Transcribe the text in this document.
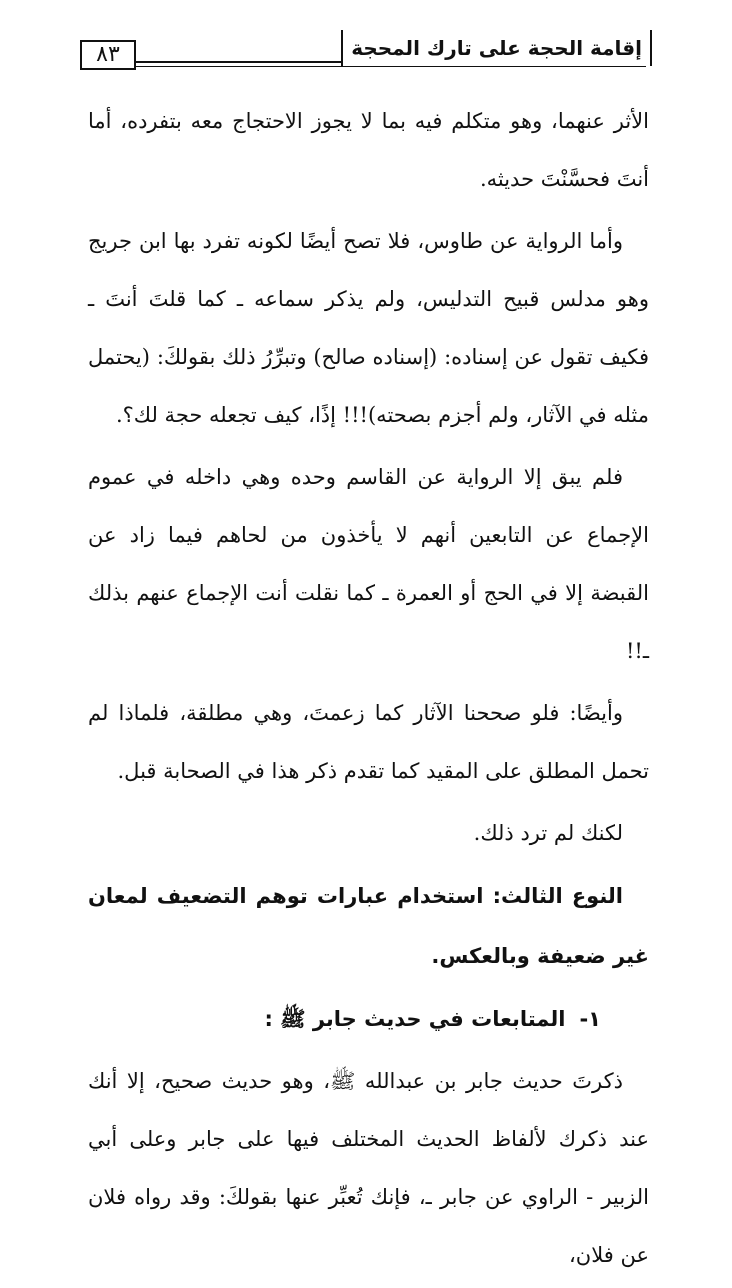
٨٣	إقامة الحجة على تارك المحجة

الأثر عنهما، وهو متكلم فيه بما لا يجوز الاحتجاج معه بتفرده، أما أنتَ فحسَّنْتَ حديثه.

وأما الرواية عن طاوس، فلا تصح أيضًا لكونه تفرد بها ابن جريج وهو مدلس قبيح التدليس، ولم يذكر سماعه ـ كما قلتَ أنتَ ـ فكيف تقول عن إسناده: (إسناده صالح) وتبرِّرُ ذلك بقولكَ: (يحتمل مثله في الآثار، ولم أجزم بصحته)!!! إذًا، كيف تجعله حجة لك؟.

فلم يبق إلا الرواية عن القاسم وحده وهي داخله في عموم الإجماع عن التابعين أنهم لا يأخذون من لحاهم فيما زاد عن القبضة إلا في الحج أو العمرة ـ كما نقلت أنت الإجماع عنهم بذلك ـ!!

وأيضًا: فلو صححنا الآثار كما زعمتَ، وهي مطلقة، فلماذا لم تحمل المطلق على المقيد كما تقدم ذكر هذا في الصحابة قبل.

لكنك لم ترد ذلك.

النوع الثالث: استخدام عبارات توهم التضعيف لمعان غير ضعيفة وبالعكس.

١-المتابعات في حديث جابر ﷺ :

ذكرتَ حديث جابر بن عبدالله ﷺ، وهو حديث صحيح، إلا أنك عند ذكرك لألفاظ الحديث المختلف فيها على جابر وعلى أبي الزبير - الراوي عن جابر ـ، فإنك تُعبِّر عنها بقولكَ: وقد رواه فلان عن فلان،
